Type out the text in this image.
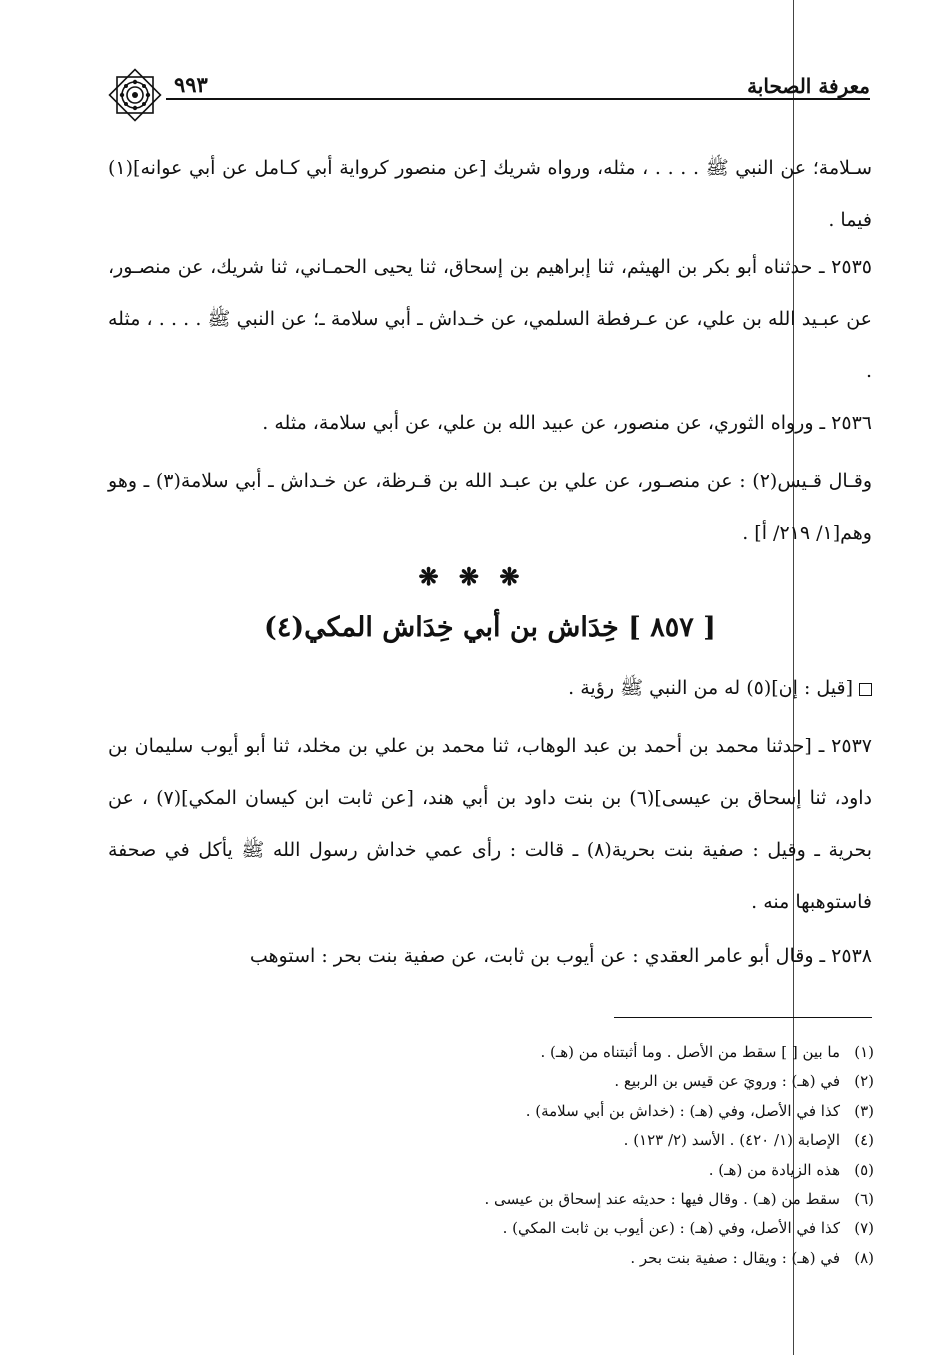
٩٩٣	معرفة الصحابة
سـلامة؛ عن النبي ﷺ . . . . ، مثله، ورواه شريك [عن منصور كرواية أبي كـامل عن أبي عوانه](١) فيما .
٢٥٣٥ ـ حدثناه أبو بكر بن الهيثم، ثنا إبراهيم بن إسحاق، ثنا يحيى الحمـاني، ثنا شريك، عن منصـور، عن عبـيد الله بن علي، عن عـرفطة السلمي، عن خـداش ـ أبي سلامة ـ؛ عن النبي ﷺ . . . . ، مثله .
٢٥٣٦ ـ ورواه الثوري، عن منصور، عن عبيد الله بن علي، عن أبي سلامة، مثله .
وقـال قـيس(٢) : عن منصـور، عن علي بن عبـد الله بن قـرظة، عن خـداش ـ أبي سلامة(٣) ـ وهو وهم[١/ ٢١٩/ أ] .
❋ ❋ ❋
[ ٨٥٧ ] خِدَاش بن أبي خِدَاش المكي(٤)
[قيل : إن](٥) له من النبي ﷺ رؤية .
٢٥٣٧ ـ [حدثنا محمد بن أحمد بن عبد الوهاب، ثنا محمد بن علي بن مخلد، ثنا أبو أيوب سليمان بن داود، ثنا إسحاق بن عيسى](٦) بن بنت داود بن أبي هند، [عن ثابت ابن كيسان المكي](٧) ، عن بحرية ـ وقيل : صفية بنت بحرية(٨) ـ قالت : رأى عمي خداش رسول الله ﷺ يأكل في صحفة فاستوهبها منه .
٢٥٣٨ ـ وقال أبو عامر العقدي : عن أيوب بن ثابت، عن صفية بنت بحر : استوهب
(١)ما بين [ ] سقط من الأصل . وما أثبتناه من (هـ) .
(٢)في (هـ) : ورويَ عن قيس بن الربيع .
(٣)كذا في الأصل، وفي (هـ) : (خداش بن أبي سلامة) .
(٤)الإصابة (١/ ٤٢٠) . الأسد (٢/ ١٢٣) .
(٥)هذه الزيادة من (هـ) .
(٦)سقط من (هـ) . وقال فيها : حديثه عند إسحاق بن عيسى .
(٧)كذا في الأصل، وفي (هـ) : (عن أيوب بن ثابت المكي) .
(٨)في (هـ) : ويقال : صفية بنت بحر .
